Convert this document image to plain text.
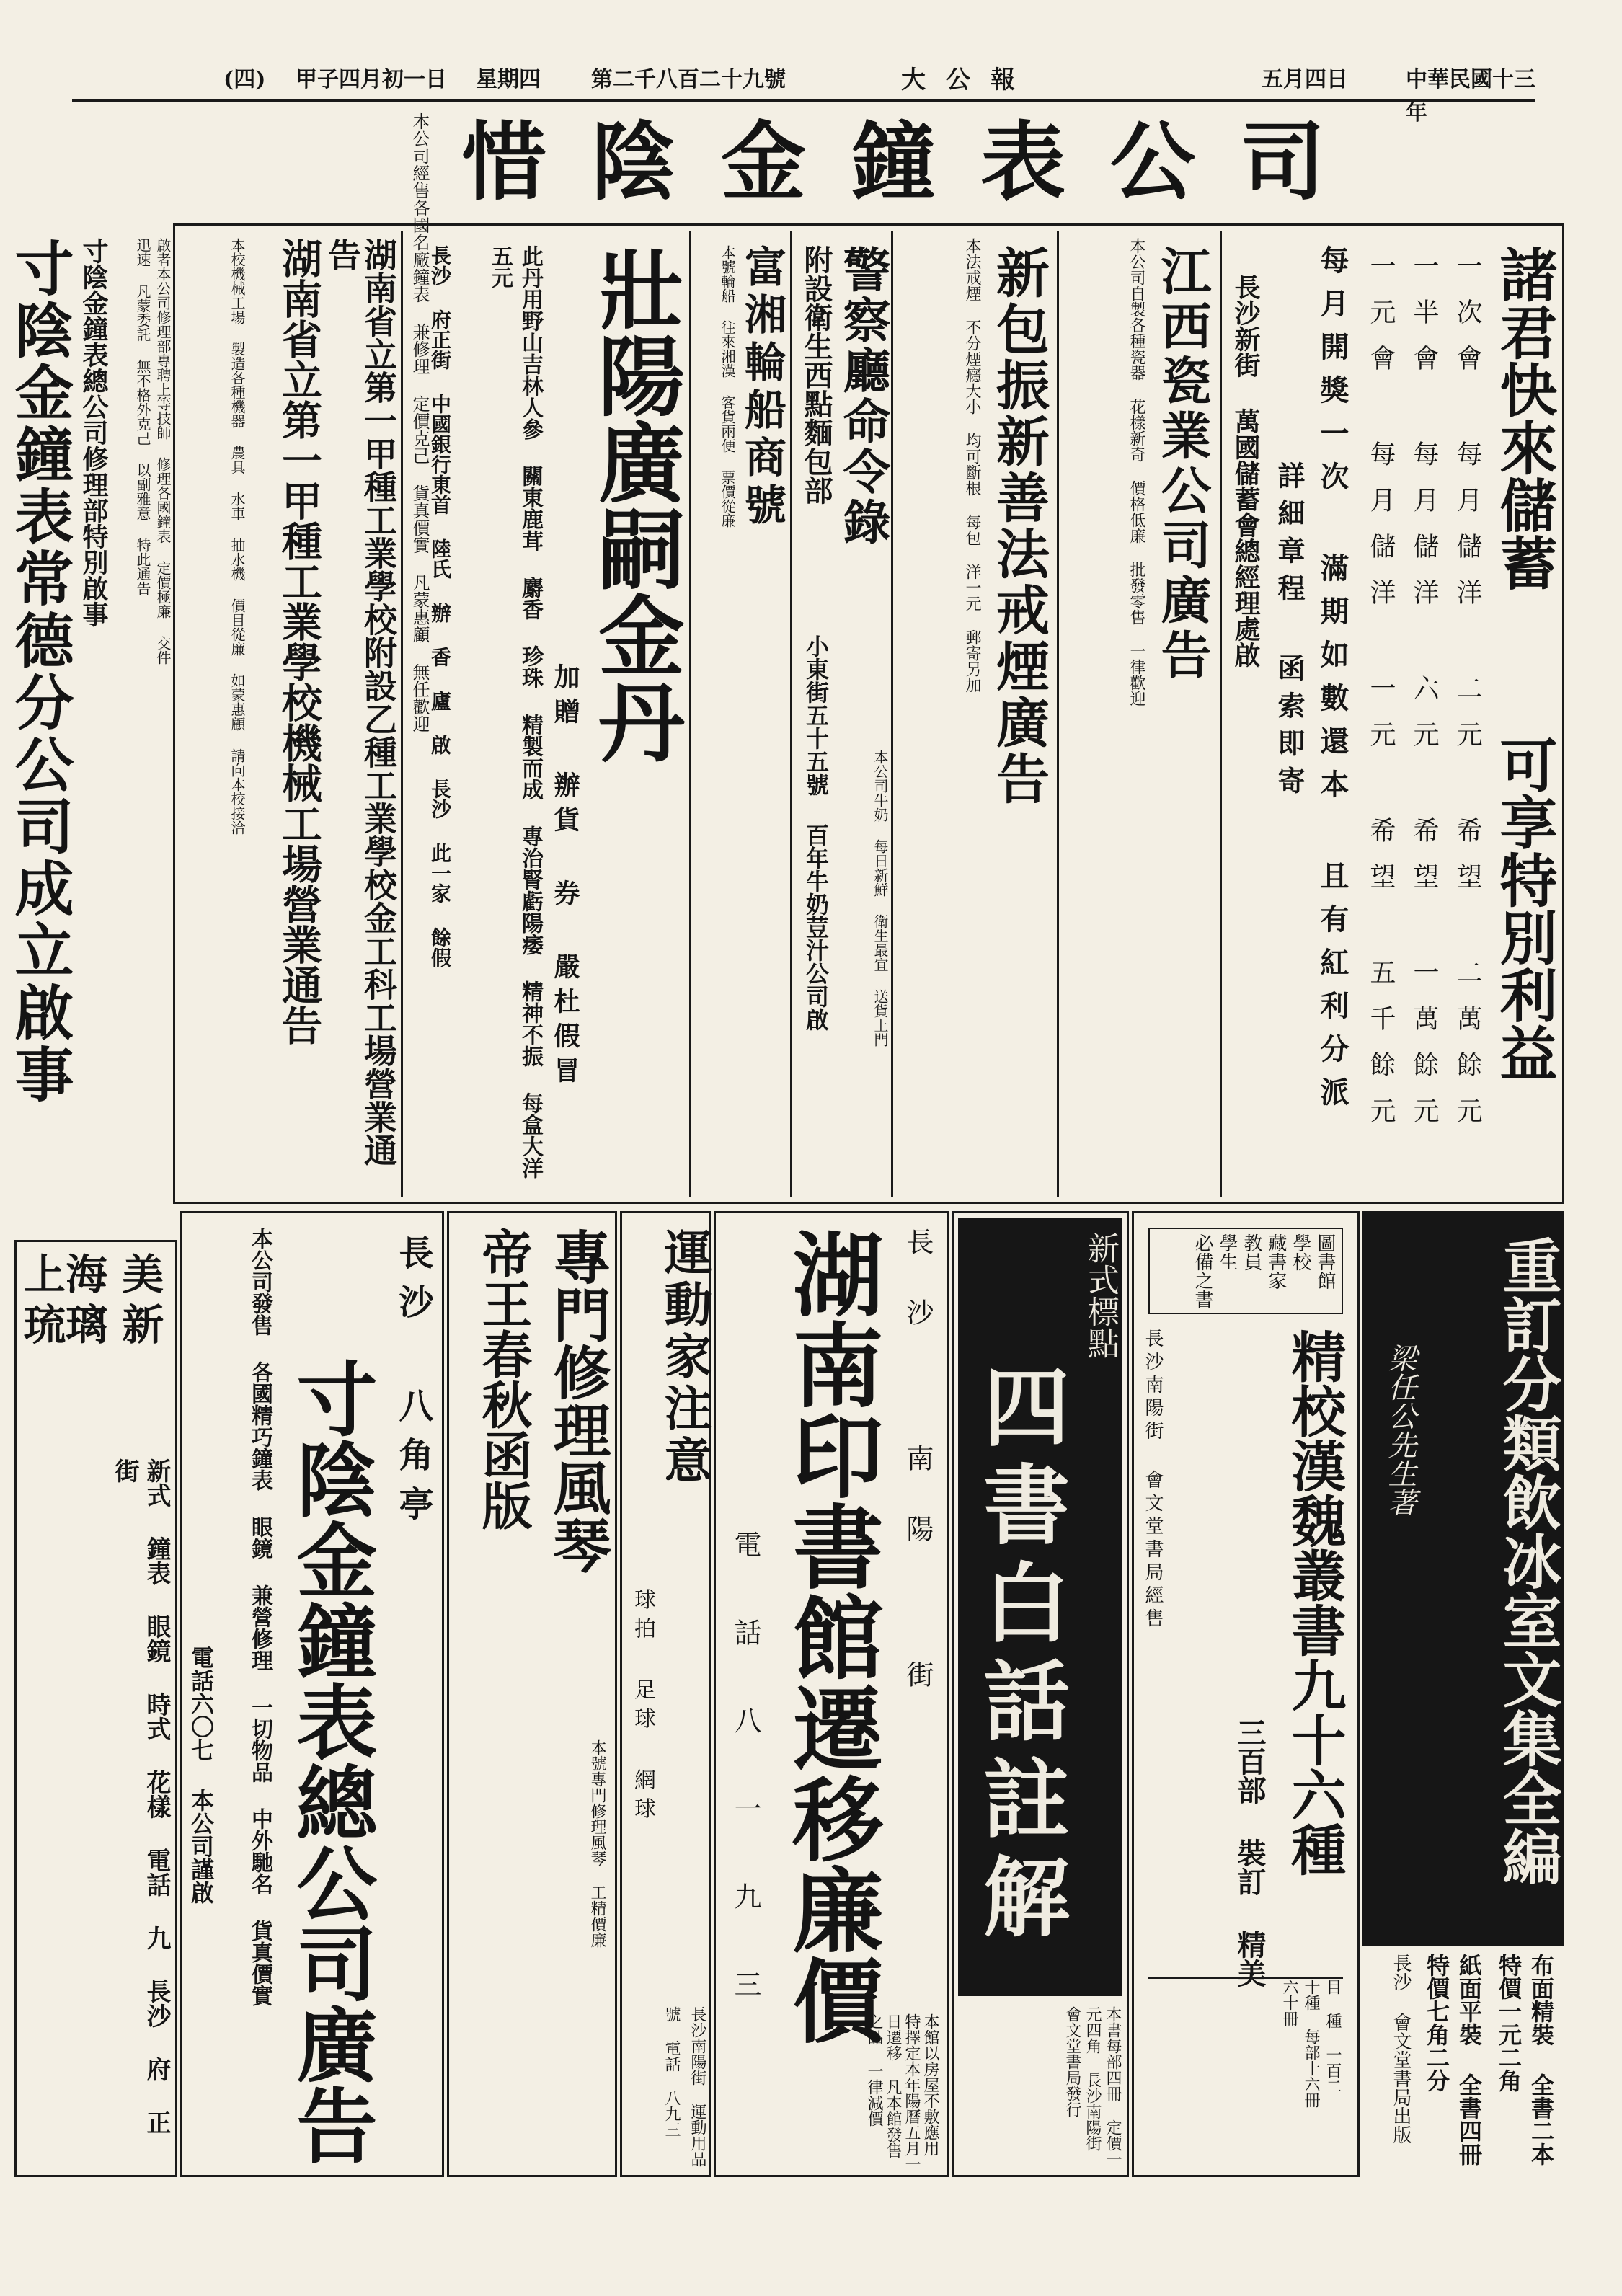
(四) 甲子四月初一日 星期四 第二千八百二十九號	大公報	五月四日	中華民國十三年
本公司經售各國名廠鐘表 兼修理 定價克己 貨真價實 凡蒙惠顧 無任歡迎 惜陰金鐘表公司
寸陰金鐘表常德分公司成立啟事 寸陰金鐘表總公司修理部特別啟事	啟者本公司修理部專聘上等技師 修理各國鐘表 定價極廉 交件迅速 凡蒙委託 無不格外克己 以副雅意 特此通告	諸君快來儲蓄
可享特別利益
一次會 每月儲洋 二元 希望 二萬餘元
一半會 每月儲洋 六元 希望 一萬餘元
一元會 每月儲洋 一元 希望 五千餘元
每月開獎一次 滿期如數還本 且有紅利分派
詳細章程 函索即寄
長沙新街 萬國儲蓄會總經理處啟
江西瓷業公司廣告
本公司自製各種瓷器 花樣新奇 價格低廉 批發零售 一律歡迎
新包振新善法戒煙廣告
本法戒煙 不分煙癮大小 均可斷根 每包 洋一元 郵寄另加
警察廳命令錄
本公司牛奶 每日新鮮 衛生最宜 送貨上門
附設衛生西點麵包部
小東街五十五號 百年牛奶荳汁公司啟
富湘輪船商號
本號輪船 往來湘漢 客貨兩便 票價從廉
壯陽廣嗣金丹
加贈 辦貨 券 嚴杜假冒
此丹用野山吉林人參 關東鹿茸 麝香 珍珠 精製而成 專治腎虧陽痿 精神不振 每盒大洋五元
長沙 府正街 中國銀行東首 陸氏 辦 香 廬 啟 長沙 此一家 餘假
湖南省立第一甲種工業學校附設乙種工業學校金工科工場營業通告
湖南省立第一甲種工業學校機械工場營業通告
本校機械工場 製造各種機器 農具 水車 抽水機 價目從廉 如蒙惠顧 請向本校接洽
重訂分類飲冰室文集全編
梁任公先生著
布面精裝 全書二本 特價一元二角
紙面平裝 全書四冊 特價七角二分
長沙 會文堂書局出版
圖書館 學校 藏書家 教員 學生 必備之書
精校漢魏叢書九十六種
三百部 裝訂 精美
目 種 一百二十種 每部十六冊 六十冊
長沙南陽街 會文堂書局經售
新式標點
四書白話註解
本書每部四冊 定價一元四角 長沙南陽街 會文堂書局發行
長沙 南陽 街
湖南印書館遷移廉價
電 話 八 一 九 三
本館以房屋不敷應用 特擇定本年陽曆五月一日遷移 凡本館發售之品 一律減價
運動家注意
球拍 足球 網球
長沙南陽街 運動用品號 電話 八九三
專門修理風琴
帝王春秋函版
本號專門修理風琴 工精價廉
長沙 八角亭
寸陰金鐘表總公司廣告
本公司發售 各國精巧鐘表 眼鏡 兼營修理 一切物品 中外馳名 貨真價實
電話六〇七 本公司謹啟
上海 美 琉璃 新
新式 鐘表 眼鏡 時式 花樣 電話 九 長沙 府 正 街
